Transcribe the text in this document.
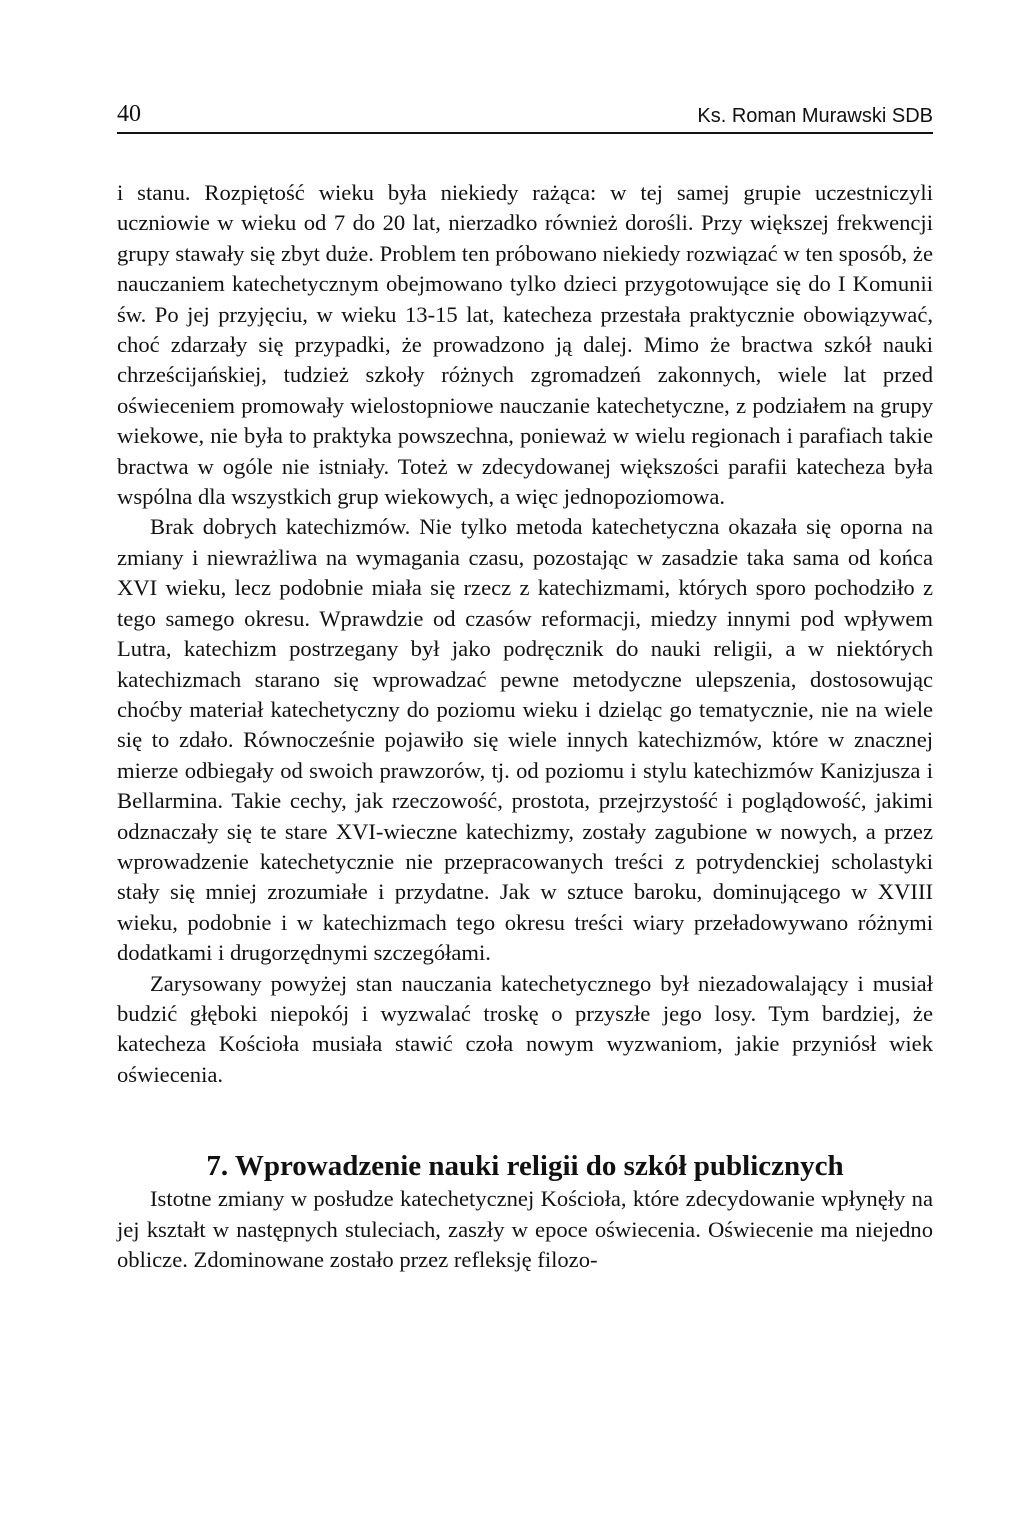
40	Ks. Roman Murawski SDB

i stanu. Rozpiętość wieku była niekiedy rażąca: w tej samej grupie uczestniczyli uczniowie w wieku od 7 do 20 lat, nierzadko również dorośli. Przy większej frekwencji grupy stawały się zbyt duże. Problem ten próbowano niekiedy rozwiązać w ten sposób, że nauczaniem katechetycznym obejmowano tylko dzieci przygotowujące się do I Komunii św. Po jej przyjęciu, w wieku 13-15 lat, katecheza przestała praktycznie obowiązywać, choć zdarzały się przypadki, że prowadzono ją dalej. Mimo że bractwa szkół nauki chrześcijańskiej, tudzież szkoły różnych zgromadzeń zakonnych, wiele lat przed oświeceniem promowały wielostopniowe nauczanie katechetyczne, z podziałem na grupy wiekowe, nie była to praktyka powszechna, ponieważ w wielu regionach i parafiach takie bractwa w ogóle nie istniały. Toteż w zdecydowanej większości parafii katecheza była wspólna dla wszystkich grup wiekowych, a więc jednopoziomowa.

Brak dobrych katechizmów. Nie tylko metoda katechetyczna okazała się oporna na zmiany i niewrażliwa na wymagania czasu, pozostając w zasadzie taka sama od końca XVI wieku, lecz podobnie miała się rzecz z katechizmami, których sporo pochodziło z tego samego okresu. Wprawdzie od czasów reformacji, miedzy innymi pod wpływem Lutra, katechizm postrzegany był jako podręcznik do nauki religii, a w niektórych katechizmach starano się wprowadzać pewne metodyczne ulepszenia, dostosowując choćby materiał katechetyczny do poziomu wieku i dzieląc go tematycznie, nie na wiele się to zdało. Równocześnie pojawiło się wiele innych katechizmów, które w znacznej mierze odbiegały od swoich prawzorów, tj. od poziomu i stylu katechizmów Kanizjusza i Bellarmina. Takie cechy, jak rzeczowość, prostota, przejrzystość i poglądowość, jakimi odznaczały się te stare XVI-wieczne katechizmy, zostały zagubione w nowych, a przez wprowadzenie katechetycznie nie przepracowanych treści z potrydenckiej scholastyki stały się mniej zrozumiałe i przydatne. Jak w sztuce baroku, dominującego w XVIII wieku, podobnie i w katechizmach tego okresu treści wiary przeładowywano różnymi dodatkami i drugorzędnymi szczegółami.

Zarysowany powyżej stan nauczania katechetycznego był niezadowalający i musiał budzić głęboki niepokój i wyzwalać troskę o przyszłe jego losy. Tym bardziej, że katecheza Kościoła musiała stawić czoła nowym wyzwaniom, jakie przyniósł wiek oświecenia.

7. Wprowadzenie nauki religii do szkół publicznych

Istotne zmiany w posłudze katechetycznej Kościoła, które zdecydowanie wpłynęły na jej kształt w następnych stuleciach, zaszły w epoce oświecenia. Oświecenie ma niejedno oblicze. Zdominowane zostało przez refleksję filozo-
